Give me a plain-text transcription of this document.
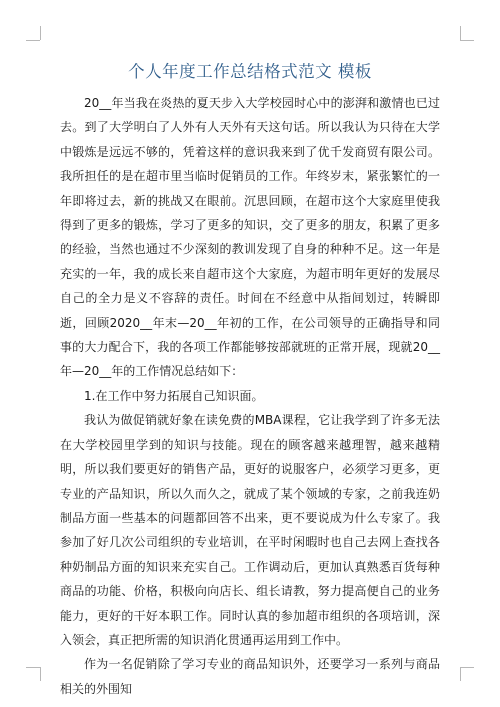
个人年度工作总结格式范文 模板

20__年当我在炎热的夏天步入大学校园时心中的澎湃和激情也已过去。到了大学明白了人外有人天外有天这句话。所以我认为只待在大学中锻炼是远远不够的，凭着这样的意识我来到了优千发商贸有限公司。我所担任的是在超市里当临时促销员的工作。年终岁末，紧张繁忙的一年即将过去，新的挑战又在眼前。沉思回顾，在超市这个大家庭里使我得到了更多的锻炼，学习了更多的知识，交了更多的朋友，积累了更多的经验，当然也通过不少深刻的教训发现了自身的种种不足。这一年是充实的一年，我的成长来自超市这个大家庭，为超市明年更好的发展尽自己的全力是义不容辞的责任。时间在不经意中从指间划过，转瞬即逝，回顾2020__年末—20__年初的工作，在公司领导的正确指导和同事的大力配合下，我的各项工作都能够按部就班的正常开展，现就20__年—20__年的工作情况总结如下：

1.在工作中努力拓展自己知识面。

我认为做促销就好象在读免费的MBA课程，它让我学到了许多无法在大学校园里学到的知识与技能。现在的顾客越来越理智，越来越精明，所以我们要更好的销售产品，更好的说服客户，必须学习更多，更专业的产品知识，所以久而久之，就成了某个领域的专家，之前我连奶制品方面一些基本的问题都回答不出来，更不要说成为什么专家了。我参加了好几次公司组织的专业培训，在平时闲暇时也自己去网上查找各种奶制品方面的知识来充实自己。工作调动后，更加认真熟悉百货每种商品的功能、价格，积极向向店长、组长请教，努力提高便自己的业务能力，更好的干好本职工作。同时认真的参加超市组织的各项培训，深入领会，真正把所需的知识消化贯通再运用到工作中。

作为一名促销除了学习专业的商品知识外，还要学习一系列与商品相关的外围知
